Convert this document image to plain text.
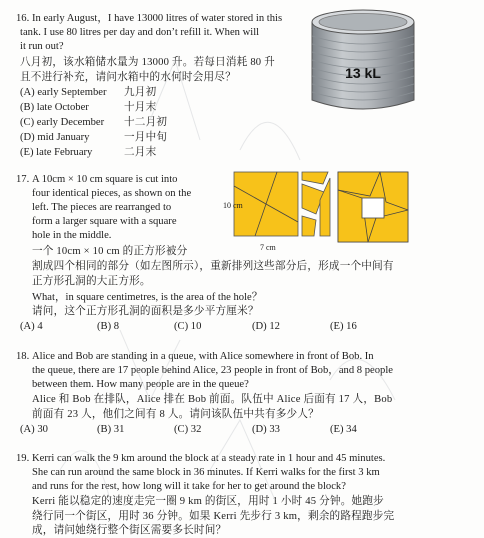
16. In early August，I have 13000 litres of water stored in this
tank. I use 80 litres per day and don’t refill it. When will
it run out?
八月初，该水箱储水量为 13000 升。若每日消耗 80 升
且不进行补充，请问水箱中的水何时会用尽？
(A) early September 九月初
(B) late October	十月末
(C) early December 十二月初
(D) mid January	一月中旬
(E) late February	二月末
13 kL
17. A 10cm × 10 cm square is cut into
four identical pieces, as shown on the
left. The pieces are rearranged to
form a larger square with a square
hole in the middle.
一个 10cm × 10 cm 的正方形被分
割成四个相同的部分（如左图所示），重新排列这些部分后，形成一个中间有
正方形孔洞的大正方形。
What，in square centimetres, is the area of the hole？
请问，这个正方形孔洞的面积是多少平方厘米？
(A) 4	(B) 8	(C) 10	(D) 12	(E) 16
10 cm
7 cm
18. Alice and Bob are standing in a queue, with Alice somewhere in front of Bob. In
the queue, there are 17 people behind Alice, 23 people in front of Bob，and 8 people
between them. How many people are in the queue?
Alice 和 Bob 在排队，Alice 排在 Bob 前面。队伍中 Alice 后面有 17 人，Bob
前面有 23 人，他们之间有 8 人。请问该队伍中共有多少人？
(A) 30	(B) 31	(C) 32	(D) 33	(E) 34
19. Kerri can walk the 9 km around the block at a steady rate in 1 hour and 45 minutes.
She can run around the same block in 36 minutes. If Kerri walks for the first 3 km
and runs for the rest, how long will it take for her to get around the block?
Kerri 能以稳定的速度走完一圈 9 km 的街区，用时 1 小时 45 分钟。她跑步
绕行同一个街区，用时 36 分钟。如果 Kerri 先步行 3 km，剩余的路程跑步完
成，请问她绕行整个街区需要多长时间？
